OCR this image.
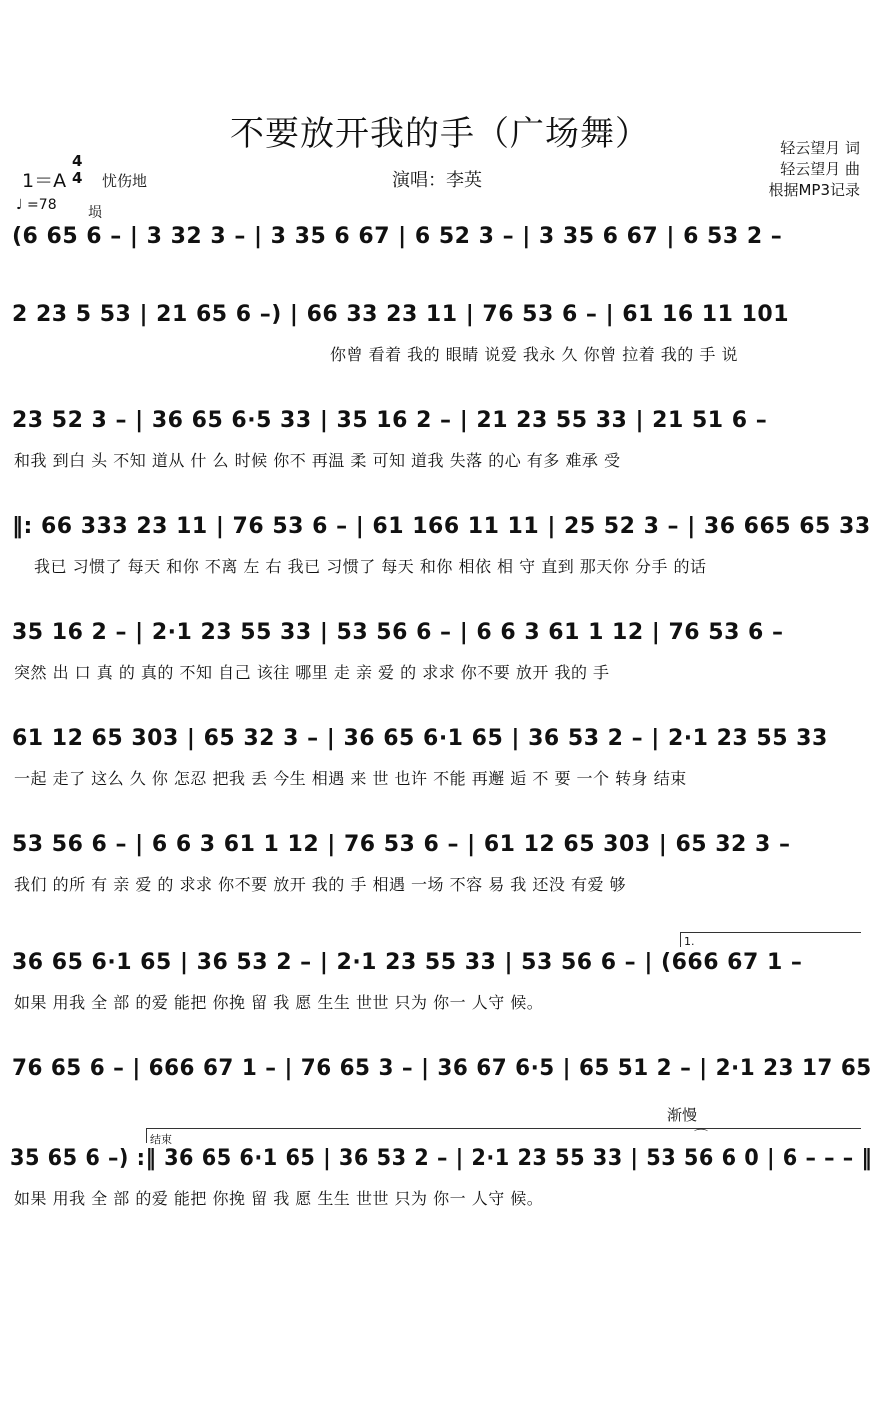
不要放开我的手（广场舞）	轻云望月 词
轻云望月 曲
根据MP3记录
1＝A
4
4 忧伤地	演唱：李英
♩ =78 埙
(6 65 6 – | 3 32 3 – | 3 35 6 67 | 6 52 3 – | 3 35 6 67 | 6 53 2 –
2 23 5 53 | 21 65 6 –) | 66 33 23 11 | 76 53 6 – | 61 16 11 101
你曾 看着 我的 眼睛 说爱 我永 久 你曾 拉着 我的 手 说
23 52 3 – | 36 65 6·5 33 | 35 16 2 – | 21 23 55 33 | 21 51 6 –
和我 到白 头 不知 道从 什 么 时候 你不 再温 柔 可知 道我 失落 的心 有多 难承 受
‖: 66 333 23 11 | 76 53 6 – | 61 166 11 11 | 25 52 3 – | 36 665 65 33
我已 习惯了 每天 和你 不离 左 右 我已 习惯了 每天 和你 相依 相 守 直到 那天你 分手 的话
35 16 2 – | 2·1 23 55 33 | 53 56 6 – | 6 6 3 61 1 12 | 76 53 6 –
突然 出 口 真 的 真的 不知 自己 该往 哪里 走 亲 爱 的 求求 你不要 放开 我的 手
61 12 65 303 | 65 32 3 – | 36 65 6·1 65 | 36 53 2 – | 2·1 23 55 33
一起 走了 这么 久 你 怎忍 把我 丢 今生 相遇 来 世 也许 不能 再邂 逅 不 要 一个 转身 结束
53 56 6 – | 6 6 3 61 1 12 | 76 53 6 – | 61 12 65 303 | 65 32 3 –
我们 的所 有 亲 爱 的 求求 你不要 放开 我的 手 相遇 一场 不容 易 我 还没 有爱 够
1.
36 65 6·1 65 | 36 53 2 – | 2·1 23 55 33 | 53 56 6 – | (666 67 1 –
如果 用我 全 部 的爱 能把 你挽 留 我 愿 生生 世世 只为 你一 人守 候。
76 65 6 – | 666 67 1 – | 76 65 3 – | 36 67 6·5 | 65 51 2 – | 2·1 23 17 65
渐慢
结束	⌒
35 65 6 –) :‖ 36 65 6·1 65 | 36 53 2 – | 2·1 23 55 33 | 53 56 6 0 | 6 – – – ‖
如果 用我 全 部 的爱 能把 你挽 留 我 愿 生生 世世 只为 你一 人守 候。
